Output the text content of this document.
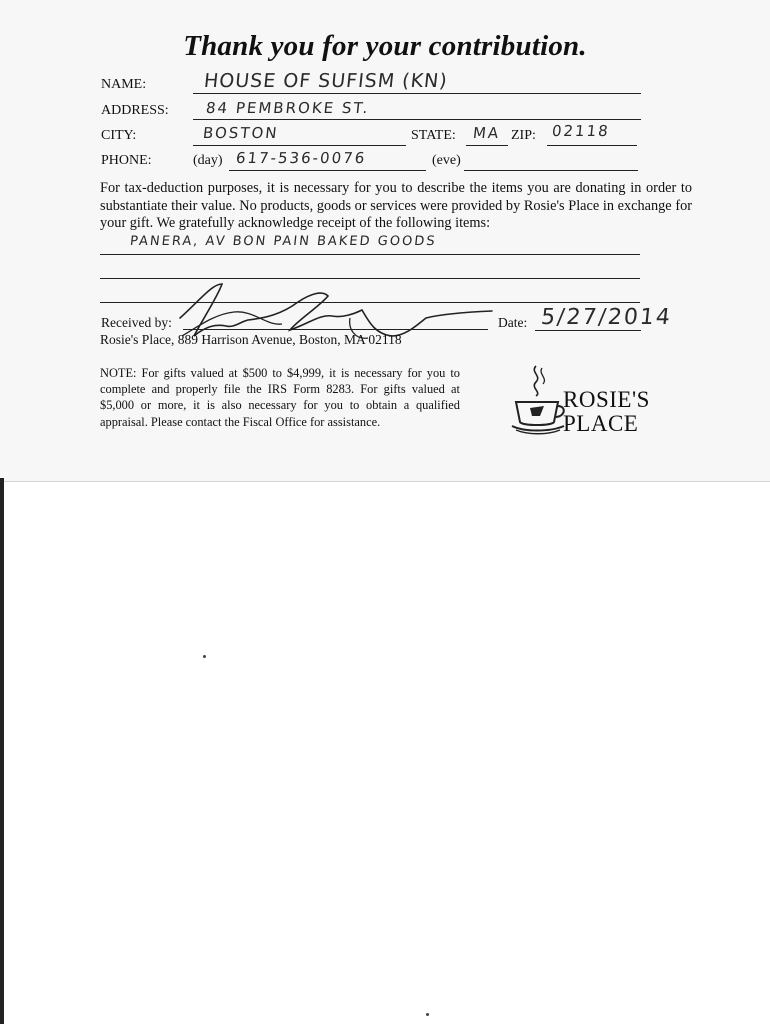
Thank you for your contribution.
NAME:	HOUSE OF SUFISM (KN)
ADDRESS: 84 PEMBROKE ST.
CITY:	BOSTON	STATE: MA ZIP: 02118
PHONE:	(day) 617-536-0076	(eve)
For tax-deduction purposes, it is necessary for you to describe the items you are donating in order to substantiate their value. No products, goods or services were provided by Rosie's Place in exchange for your gift. We gratefully acknowledge receipt of the following items:
PANERA, AV BON PAIN BAKED GOODS
Received by:	Date: 5/27/2014
Rosie's Place, 889 Harrison Avenue, Boston, MA 02118
NOTE: For gifts valued at $500 to $4,999, it is necessary for you to complete and properly file the IRS Form 8283. For gifts valued at $5,000 or more, it is also necessary for you to obtain a qualified appraisal. Please contact the Fiscal Office for assistance.
ROSIE'S
PLACE
